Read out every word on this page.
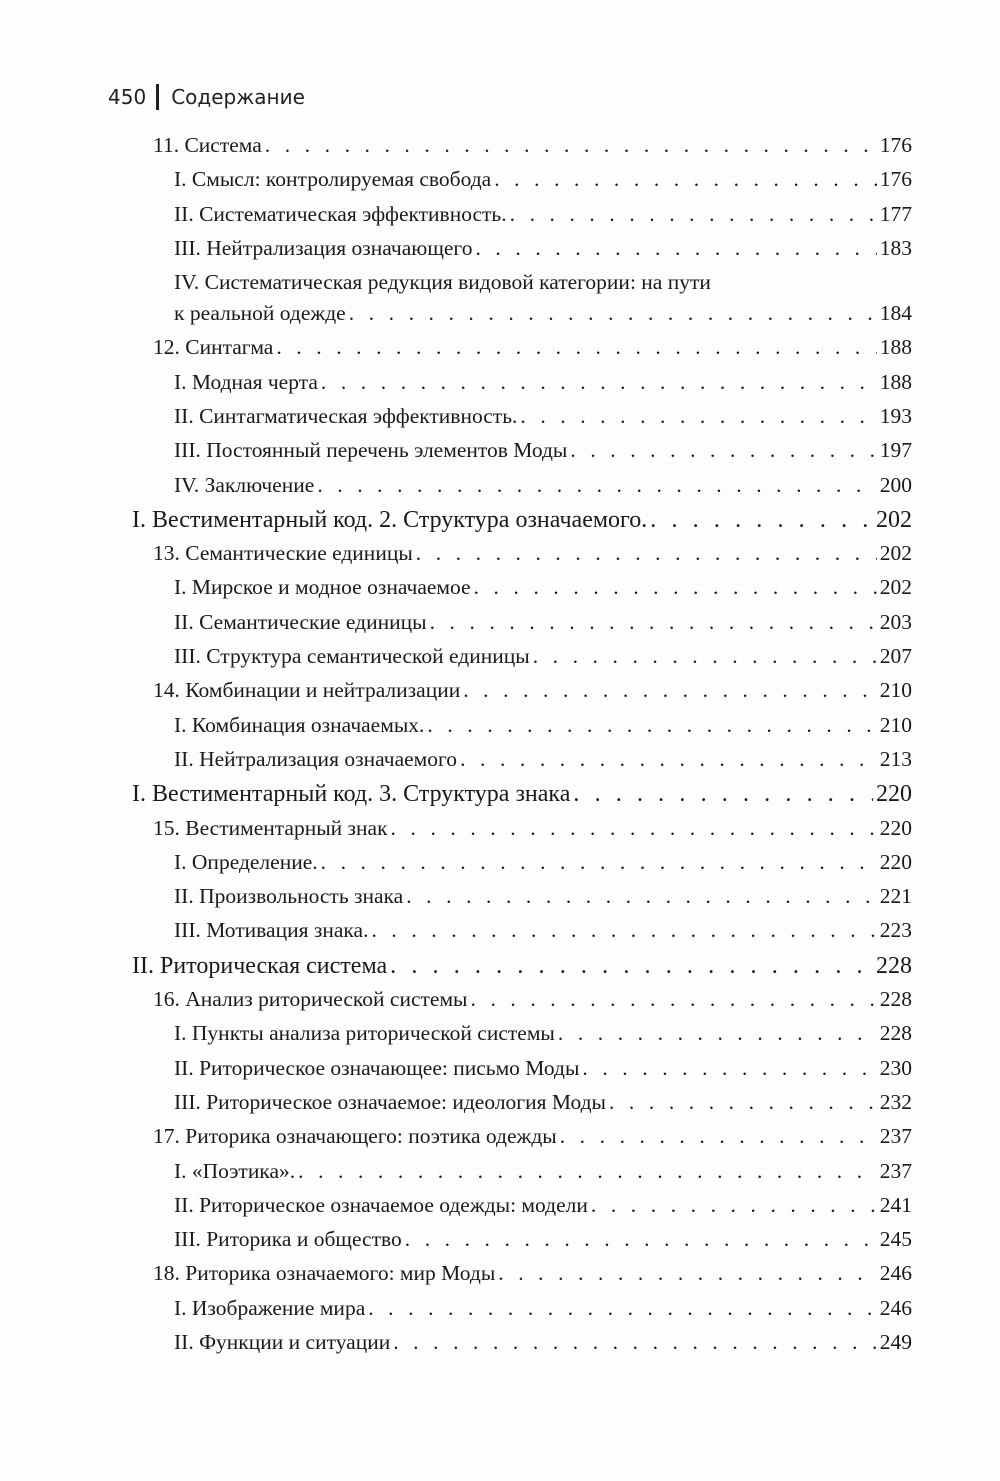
450 Содержание
11. Система . . .	176
I. Смысл: контролируемая свобода . . .	176
II. Систематическая эффективность. . . .	177
III. Нейтрализация означающего . . .	183
IV. Систематическая редукция видовой категории: на пути
к реальной одежде . . .	184
12. Синтагма . . .	188
I. Модная черта . . .	188
II. Синтагматическая эффективность. . . .	193
III. Постоянный перечень элементов Моды . . .	197
IV. Заключение . . .	200
I. Вестиментарный код. 2. Структура означаемого. . . .	202
13. Семантические единицы . . .	202
I. Мирское и модное означаемое . . .	202
II. Семантические единицы . . .	203
III. Структура семантической единицы . . .	207
14. Комбинации и нейтрализации . . .	210
I. Комбинация означаемых. . . .	210
II. Нейтрализация означаемого . . .	213
I. Вестиментарный код. 3. Структура знака . . .	220
15. Вестиментарный знак . . .	220
I. Определение. . . .	220
II. Произвольность знака . . .	221
III. Мотивация знака. . . .	223
II. Риторическая система . . .	228
16. Анализ риторической системы . . .	228
I. Пункты анализа риторической системы . . .	228
II. Риторическое означающее: письмо Моды . . .	230
III. Риторическое означаемое: идеология Моды . . .	232
17. Риторика означающего: поэтика одежды . . .	237
I. «Поэтика». . . .	237
II. Риторическое означаемое одежды: модели . . .	241
III. Риторика и общество . . .	245
18. Риторика означаемого: мир Моды . . .	246
I. Изображение мира . . .	246
II. Функции и ситуации . . .	249
